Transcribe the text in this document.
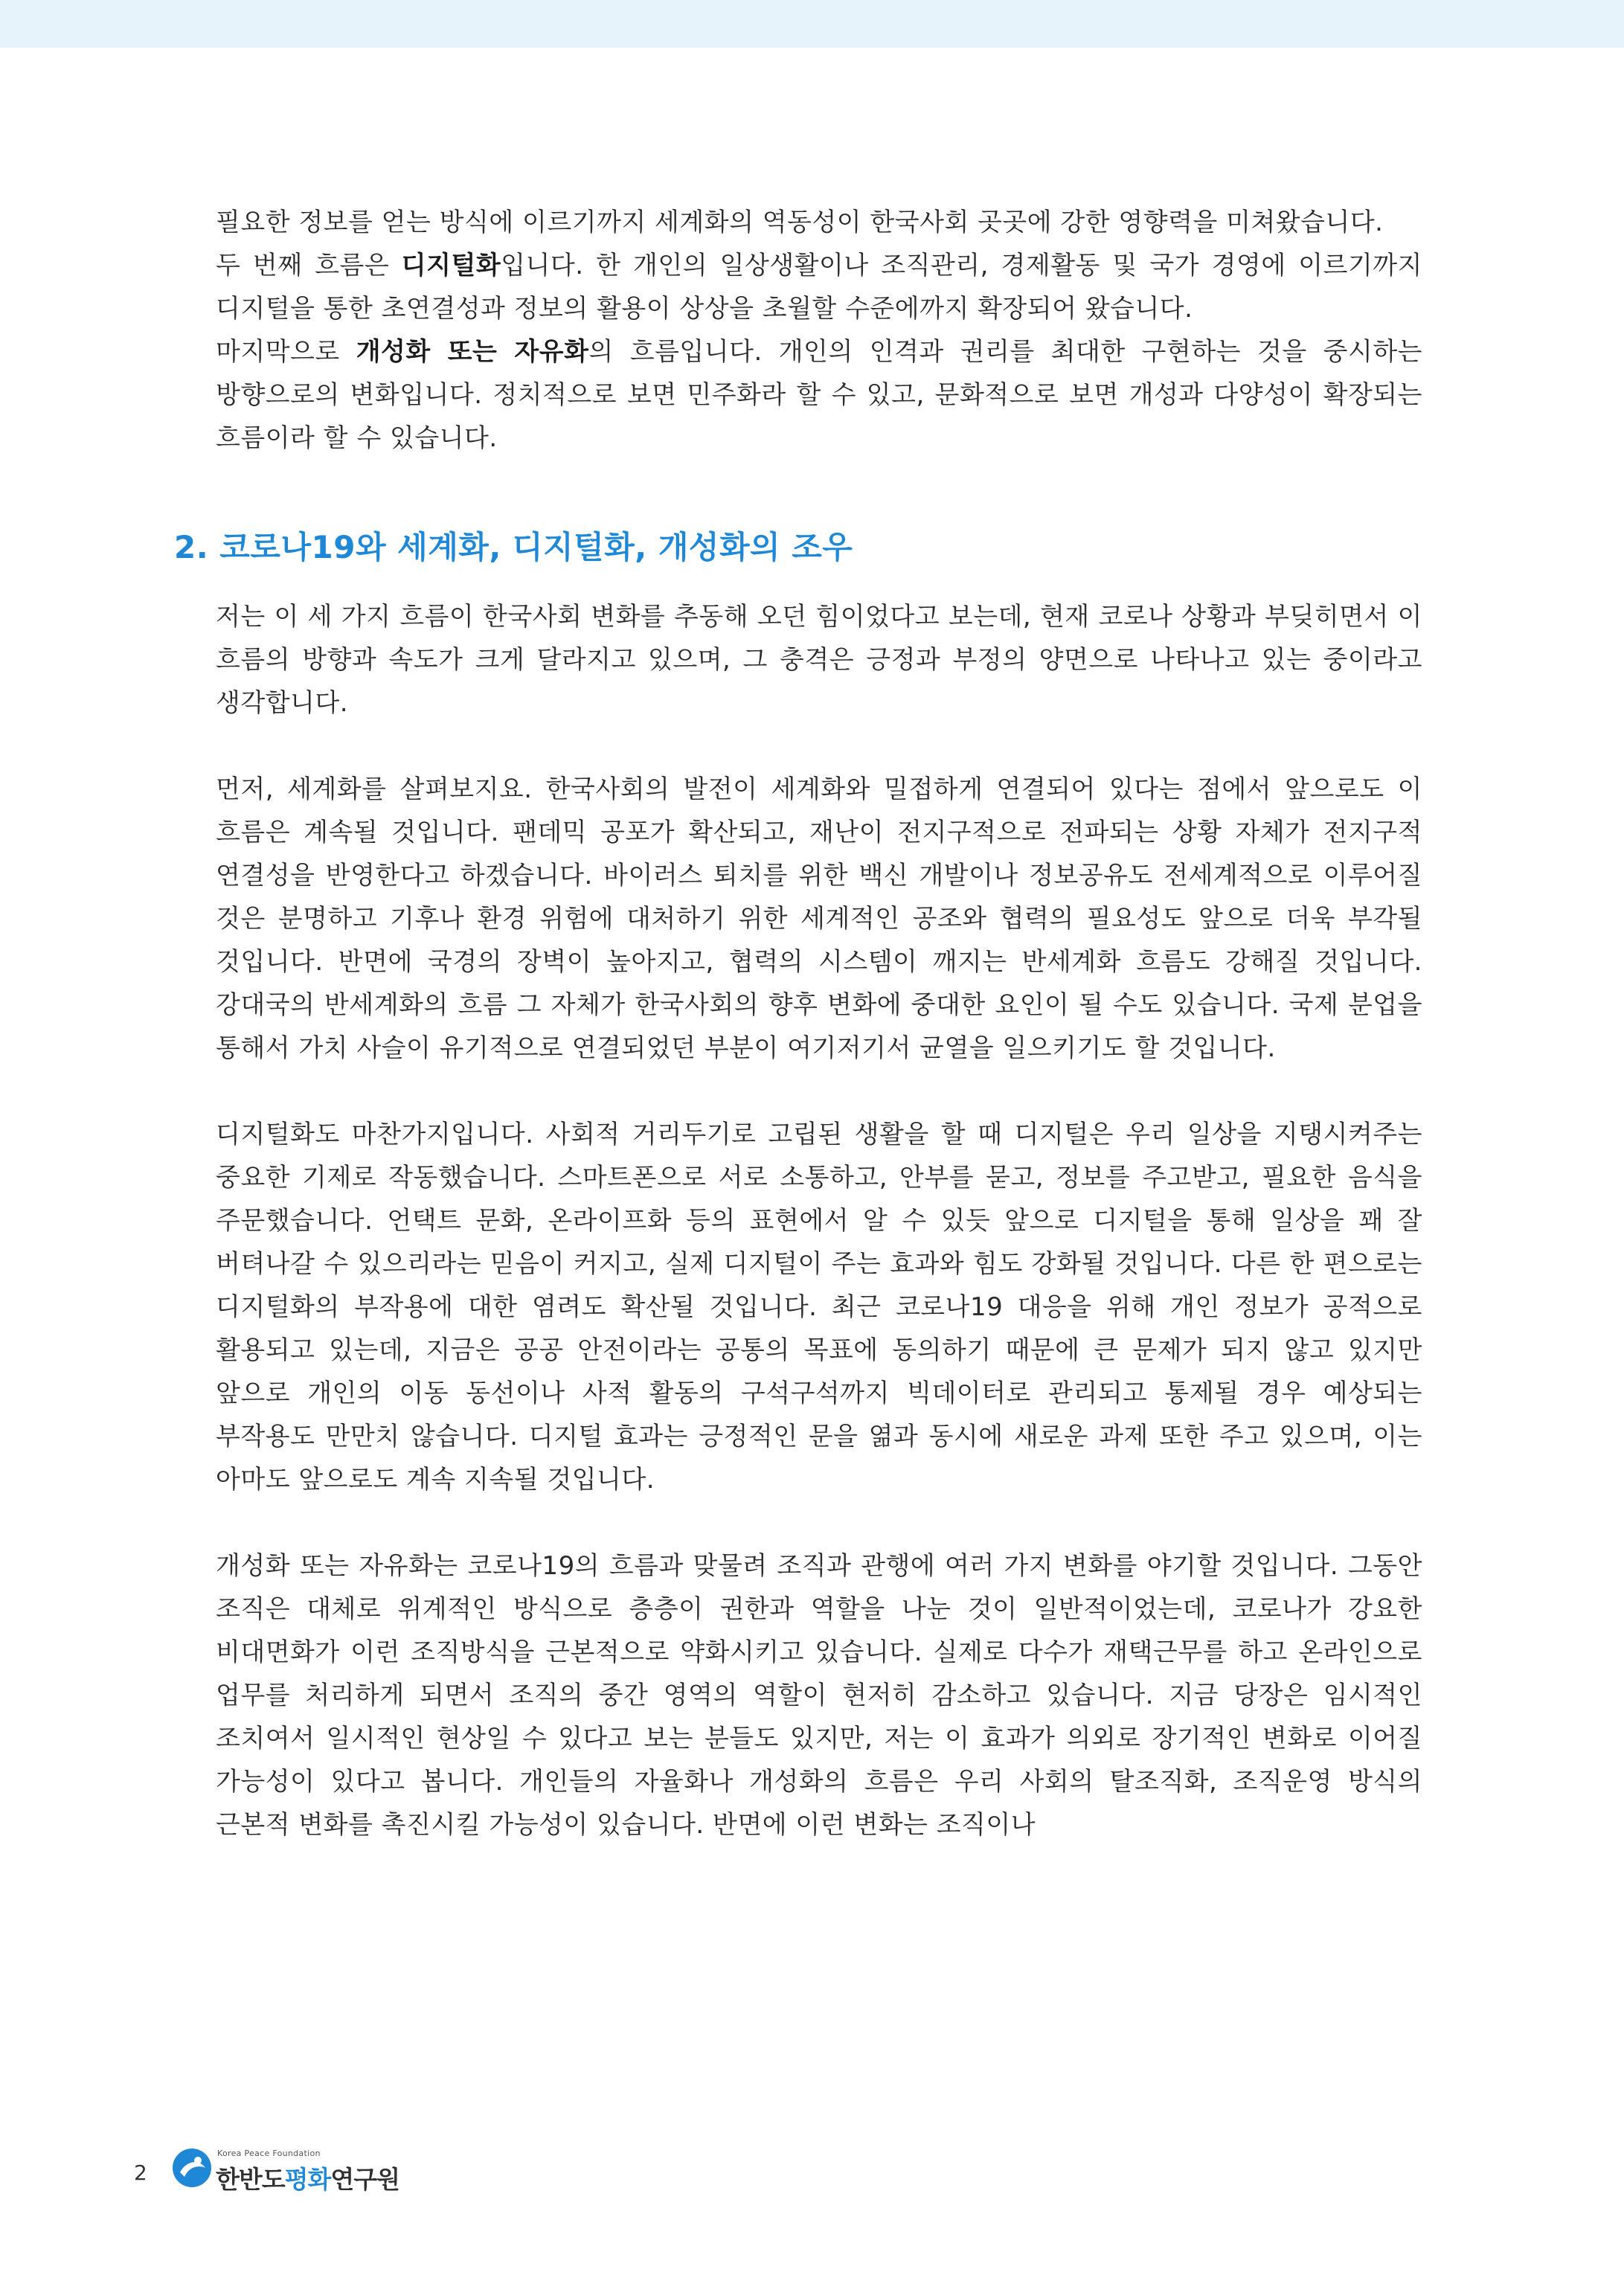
필요한 정보를 얻는 방식에 이르기까지 세계화의 역동성이 한국사회 곳곳에 강한 영향력을 미쳐왔습니다.

두 번째 흐름은 디지털화입니다. 한 개인의 일상생활이나 조직관리, 경제활동 및 국가 경영에 이르기까지 디지털을 통한 초연결성과 정보의 활용이 상상을 초월할 수준에까지 확장되어 왔습니다.

마지막으로 개성화 또는 자유화의 흐름입니다. 개인의 인격과 권리를 최대한 구현하는 것을 중시하는 방향으로의 변화입니다. 정치적으로 보면 민주화라 할 수 있고, 문화적으로 보면 개성과 다양성이 확장되는 흐름이라 할 수 있습니다.

2. 코로나19와 세계화, 디지털화, 개성화의 조우

저는 이 세 가지 흐름이 한국사회 변화를 추동해 오던 힘이었다고 보는데, 현재 코로나 상황과 부딪히면서 이 흐름의 방향과 속도가 크게 달라지고 있으며, 그 충격은 긍정과 부정의 양면으로 나타나고 있는 중이라고 생각합니다.

먼저, 세계화를 살펴보지요. 한국사회의 발전이 세계화와 밀접하게 연결되어 있다는 점에서 앞으로도 이 흐름은 계속될 것입니다. 팬데믹 공포가 확산되고, 재난이 전지구적으로 전파되는 상황 자체가 전지구적 연결성을 반영한다고 하겠습니다. 바이러스 퇴치를 위한 백신 개발이나 정보공유도 전세계적으로 이루어질 것은 분명하고 기후나 환경 위험에 대처하기 위한 세계적인 공조와 협력의 필요성도 앞으로 더욱 부각될 것입니다. 반면에 국경의 장벽이 높아지고, 협력의 시스템이 깨지는 반세계화 흐름도 강해질 것입니다. 강대국의 반세계화의 흐름 그 자체가 한국사회의 향후 변화에 중대한 요인이 될 수도 있습니다. 국제 분업을 통해서 가치 사슬이 유기적으로 연결되었던 부분이 여기저기서 균열을 일으키기도 할 것입니다.

디지털화도 마찬가지입니다. 사회적 거리두기로 고립된 생활을 할 때 디지털은 우리 일상을 지탱시켜주는 중요한 기제로 작동했습니다. 스마트폰으로 서로 소통하고, 안부를 묻고, 정보를 주고받고, 필요한 음식을 주문했습니다. 언택트 문화, 온라이프화 등의 표현에서 알 수 있듯 앞으로 디지털을 통해 일상을 꽤 잘 버텨나갈 수 있으리라는 믿음이 커지고, 실제 디지털이 주는 효과와 힘도 강화될 것입니다. 다른 한 편으로는 디지털화의 부작용에 대한 염려도 확산될 것입니다. 최근 코로나19 대응을 위해 개인 정보가 공적으로 활용되고 있는데, 지금은 공공 안전이라는 공통의 목표에 동의하기 때문에 큰 문제가 되지 않고 있지만 앞으로 개인의 이동 동선이나 사적 활동의 구석구석까지 빅데이터로 관리되고 통제될 경우 예상되는 부작용도 만만치 않습니다. 디지털 효과는 긍정적인 문을 엶과 동시에 새로운 과제 또한 주고 있으며, 이는 아마도 앞으로도 계속 지속될 것입니다.

개성화 또는 자유화는 코로나19의 흐름과 맞물려 조직과 관행에 여러 가지 변화를 야기할 것입니다. 그동안 조직은 대체로 위계적인 방식으로 층층이 권한과 역할을 나눈 것이 일반적이었는데, 코로나가 강요한 비대면화가 이런 조직방식을 근본적으로 약화시키고 있습니다. 실제로 다수가 재택근무를 하고 온라인으로 업무를 처리하게 되면서 조직의 중간 영역의 역할이 현저히 감소하고 있습니다. 지금 당장은 임시적인 조치여서 일시적인 현상일 수 있다고 보는 분들도 있지만, 저는 이 효과가 의외로 장기적인 변화로 이어질 가능성이 있다고 봅니다. 개인들의 자율화나 개성화의 흐름은 우리 사회의 탈조직화, 조직운영 방식의 근본적 변화를 촉진시킬 가능성이 있습니다. 반면에 이런 변화는 조직이나

2
Korea Peace Foundation
한반도평화연구원
